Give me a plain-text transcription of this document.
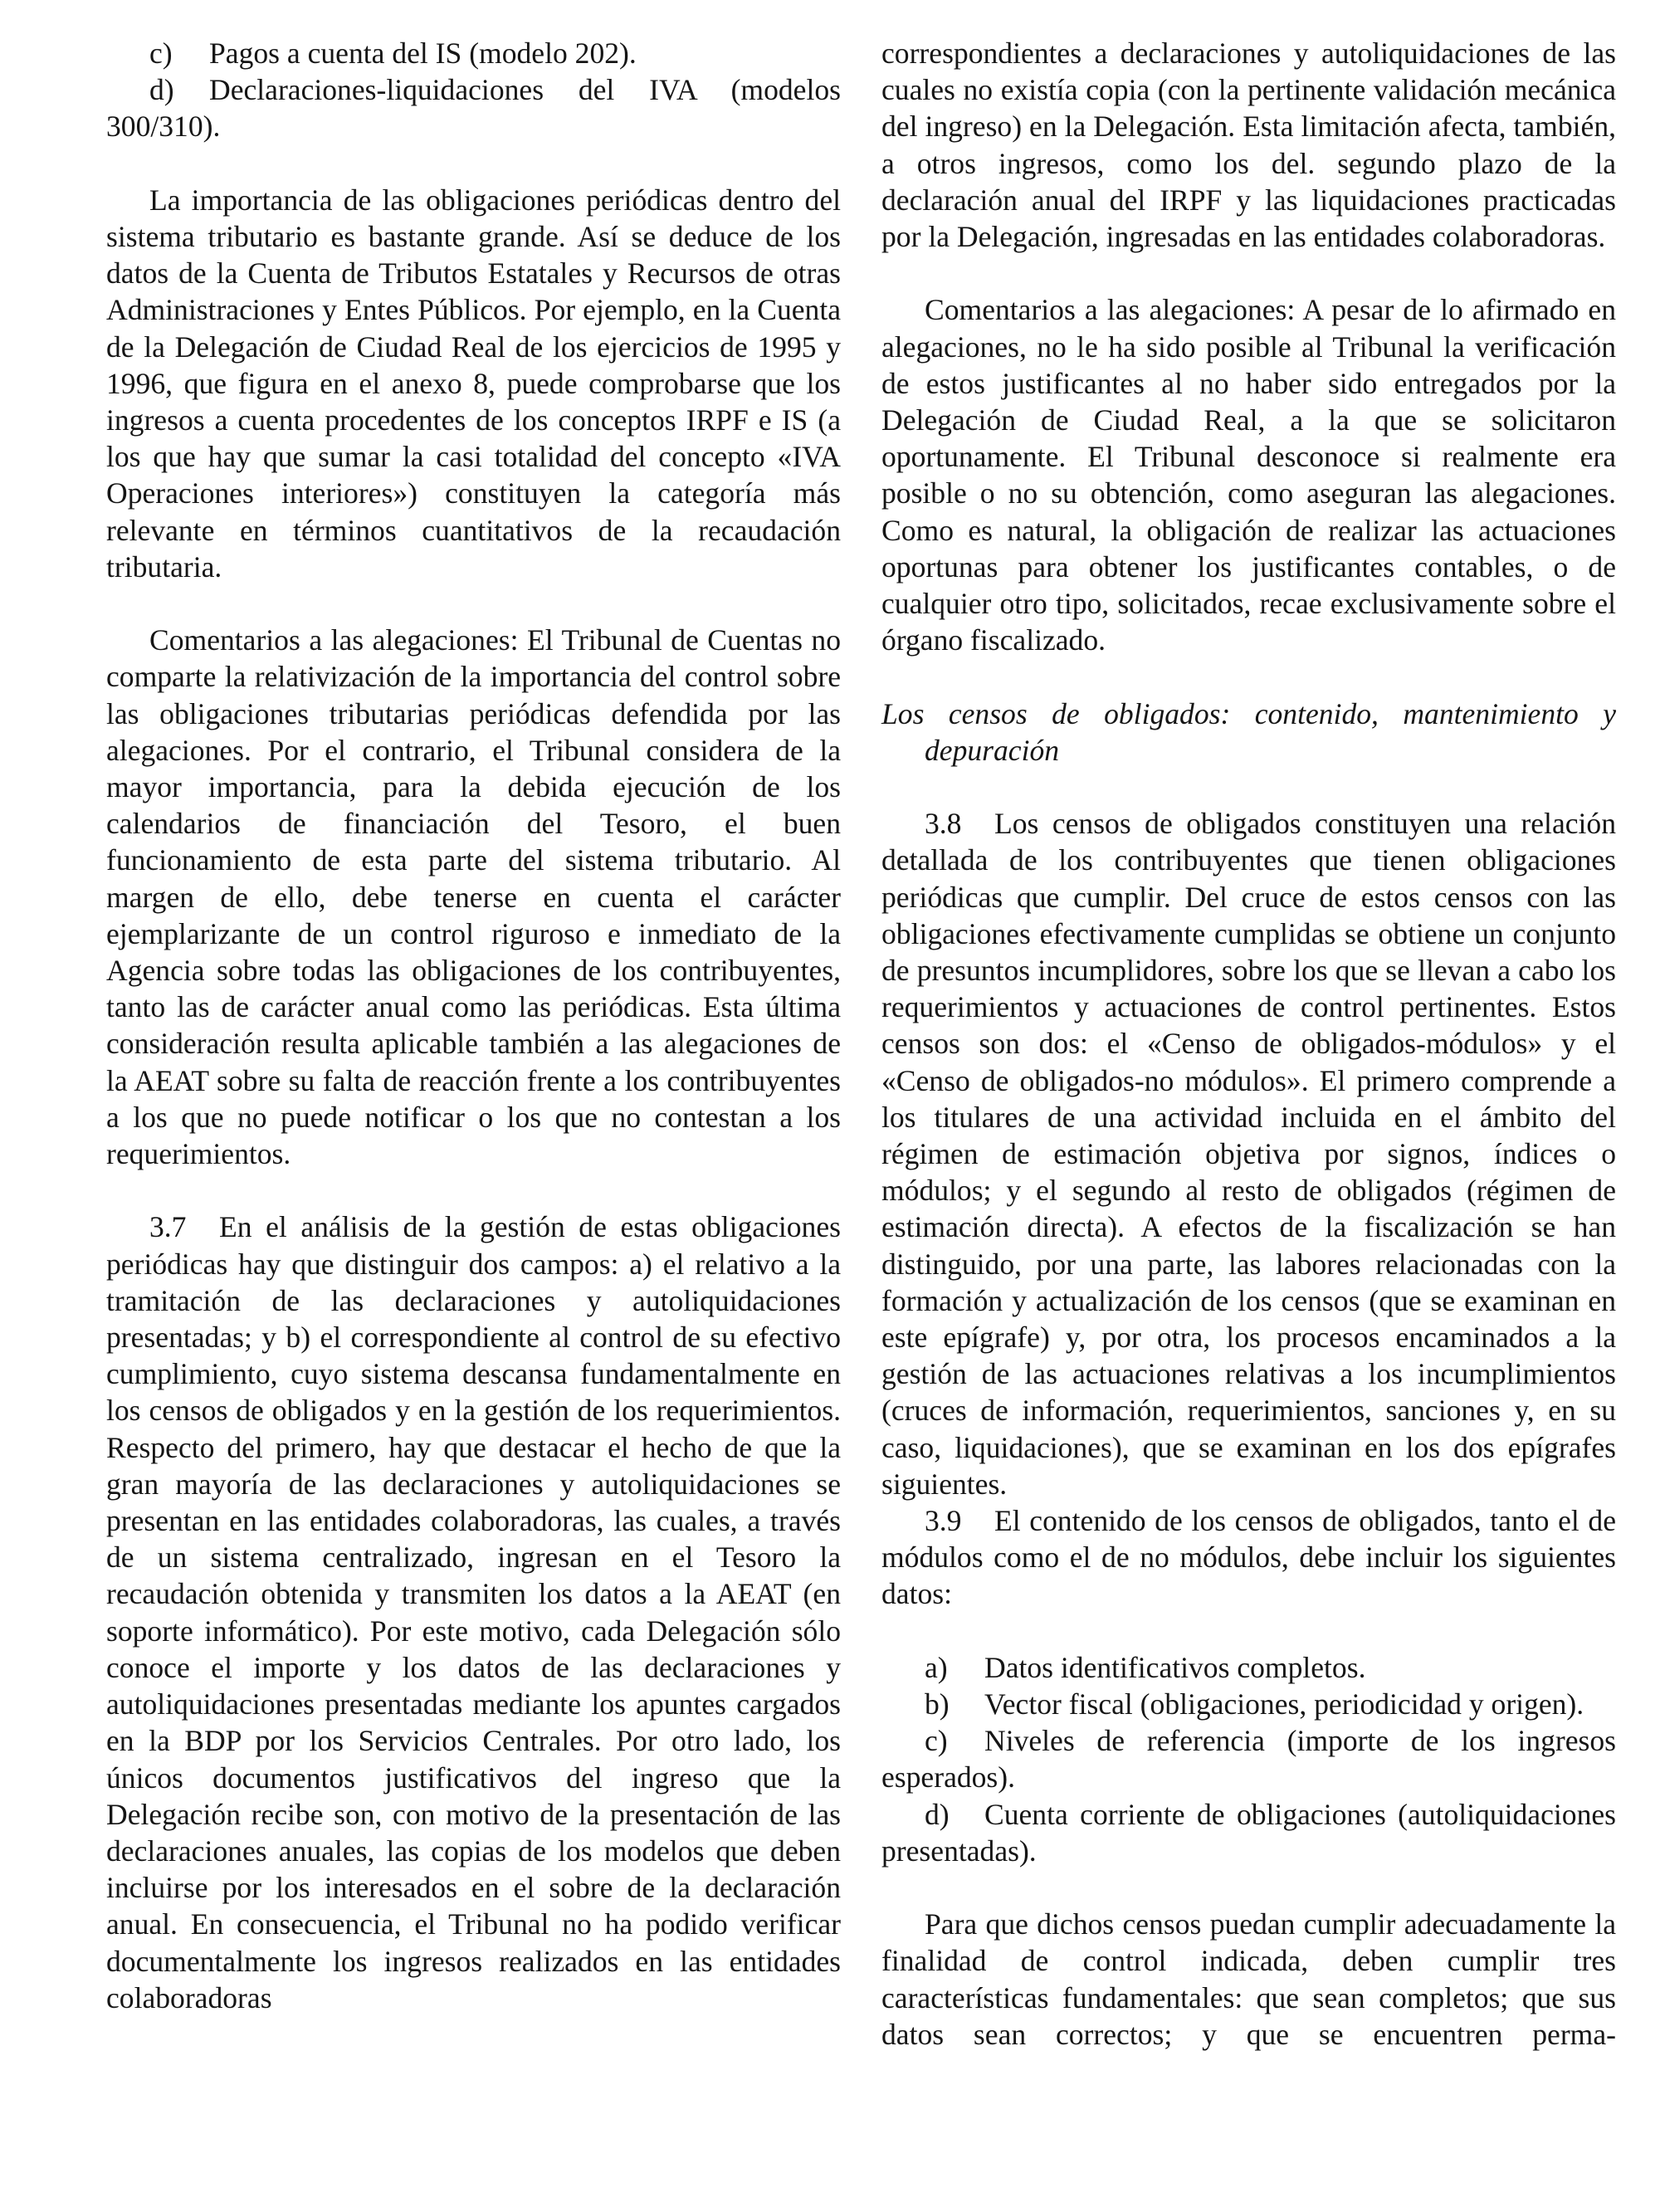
c) Pagos a cuenta del IS (modelo 202).

d) Declaraciones-liquidaciones del IVA (modelos 300/310).

La importancia de las obligaciones periódicas dentro del sistema tributario es bastante grande. Así se deduce de los datos de la Cuenta de Tributos Estatales y Recursos de otras Administraciones y Entes Públicos. Por ejemplo, en la Cuenta de la Delegación de Ciudad Real de los ejercicios de 1995 y 1996, que figura en el anexo 8, puede comprobarse que los ingresos a cuenta procedentes de los conceptos IRPF e IS (a los que hay que sumar la casi totalidad del concepto «IVA Operaciones interiores») constituyen la categoría más relevante en términos cuantitativos de la recaudación tributaria.

Comentarios a las alegaciones: El Tribunal de Cuentas no comparte la relativización de la importancia del control sobre las obligaciones tributarias periódicas defendida por las alegaciones. Por el contrario, el Tribunal considera de la mayor importancia, para la debida ejecución de los calendarios de financiación del Tesoro, el buen funcionamiento de esta parte del sistema tributario. Al margen de ello, debe tenerse en cuenta el carácter ejemplarizante de un control riguroso e inmediato de la Agencia sobre todas las obligaciones de los contribuyentes, tanto las de carácter anual como las periódicas. Esta última consideración resulta aplicable también a las alegaciones de la AEAT sobre su falta de reacción frente a los contribuyentes a los que no puede notificar o los que no contestan a los requerimientos.

3.7 En el análisis de la gestión de estas obligaciones periódicas hay que distinguir dos campos: a) el relativo a la tramitación de las declaraciones y autoliquidaciones presentadas; y b) el correspondiente al control de su efectivo cumplimiento, cuyo sistema descansa fundamentalmente en los censos de obligados y en la gestión de los requerimientos. Respecto del primero, hay que destacar el hecho de que la gran mayoría de las declaraciones y autoliquidaciones se presentan en las entidades colaboradoras, las cuales, a través de un sistema centralizado, ingresan en el Tesoro la recaudación obtenida y transmiten los datos a la AEAT (en soporte informático). Por este motivo, cada Delegación sólo conoce el importe y los datos de las declaraciones y autoliquidaciones presentadas mediante los apuntes cargados en la BDP por los Servicios Centrales. Por otro lado, los únicos documentos justificativos del ingreso que la Delegación recibe son, con motivo de la presentación de las declaraciones anuales, las copias de los modelos que deben incluirse por los interesados en el sobre de la declaración anual. En consecuencia, el Tribunal no ha podido verificar documentalmente los ingresos realizados en las entidades colaboradoras

correspondientes a declaraciones y autoliquidaciones de las cuales no existía copia (con la pertinente validación mecánica del ingreso) en la Delegación. Esta limitación afecta, también, a otros ingresos, como los del. segundo plazo de la declaración anual del IRPF y las liquidaciones practicadas por la Delegación, ingresadas en las entidades colaboradoras.

Comentarios a las alegaciones: A pesar de lo afirmado en alegaciones, no le ha sido posible al Tribunal la verificación de estos justificantes al no haber sido entregados por la Delegación de Ciudad Real, a la que se solicitaron oportunamente. El Tribunal desconoce si realmente era posible o no su obtención, como aseguran las alegaciones. Como es natural, la obligación de realizar las actuaciones oportunas para obtener los justificantes contables, o de cualquier otro tipo, solicitados, recae exclusivamente sobre el órgano fiscalizado.

Los censos de obligados: contenido, mantenimiento y depuración

3.8 Los censos de obligados constituyen una relación detallada de los contribuyentes que tienen obligaciones periódicas que cumplir. Del cruce de estos censos con las obligaciones efectivamente cumplidas se obtiene un conjunto de presuntos incumplidores, sobre los que se llevan a cabo los requerimientos y actuaciones de control pertinentes. Estos censos son dos: el «Censo de obligados-módulos» y el «Censo de obligados-no módulos». El primero comprende a los titulares de una actividad incluida en el ámbito del régimen de estimación objetiva por signos, índices o módulos; y el segundo al resto de obligados (régimen de estimación directa). A efectos de la fiscalización se han distinguido, por una parte, las labores relacionadas con la formación y actualización de los censos (que se examinan en este epígrafe) y, por otra, los procesos encaminados a la gestión de las actuaciones relativas a los incumplimientos (cruces de información, requerimientos, sanciones y, en su caso, liquidaciones), que se examinan en los dos epígrafes siguientes.

3.9 El contenido de los censos de obligados, tanto el de módulos como el de no módulos, debe incluir los siguientes datos:

a) Datos identificativos completos.

b) Vector fiscal (obligaciones, periodicidad y origen).

c) Niveles de referencia (importe de los ingresos esperados).

d) Cuenta corriente de obligaciones (autoliquidaciones presentadas).

Para que dichos censos puedan cumplir adecuadamente la finalidad de control indicada, deben cumplir tres características fundamentales: que sean completos; que sus datos sean correctos; y que se encuentren perma-
